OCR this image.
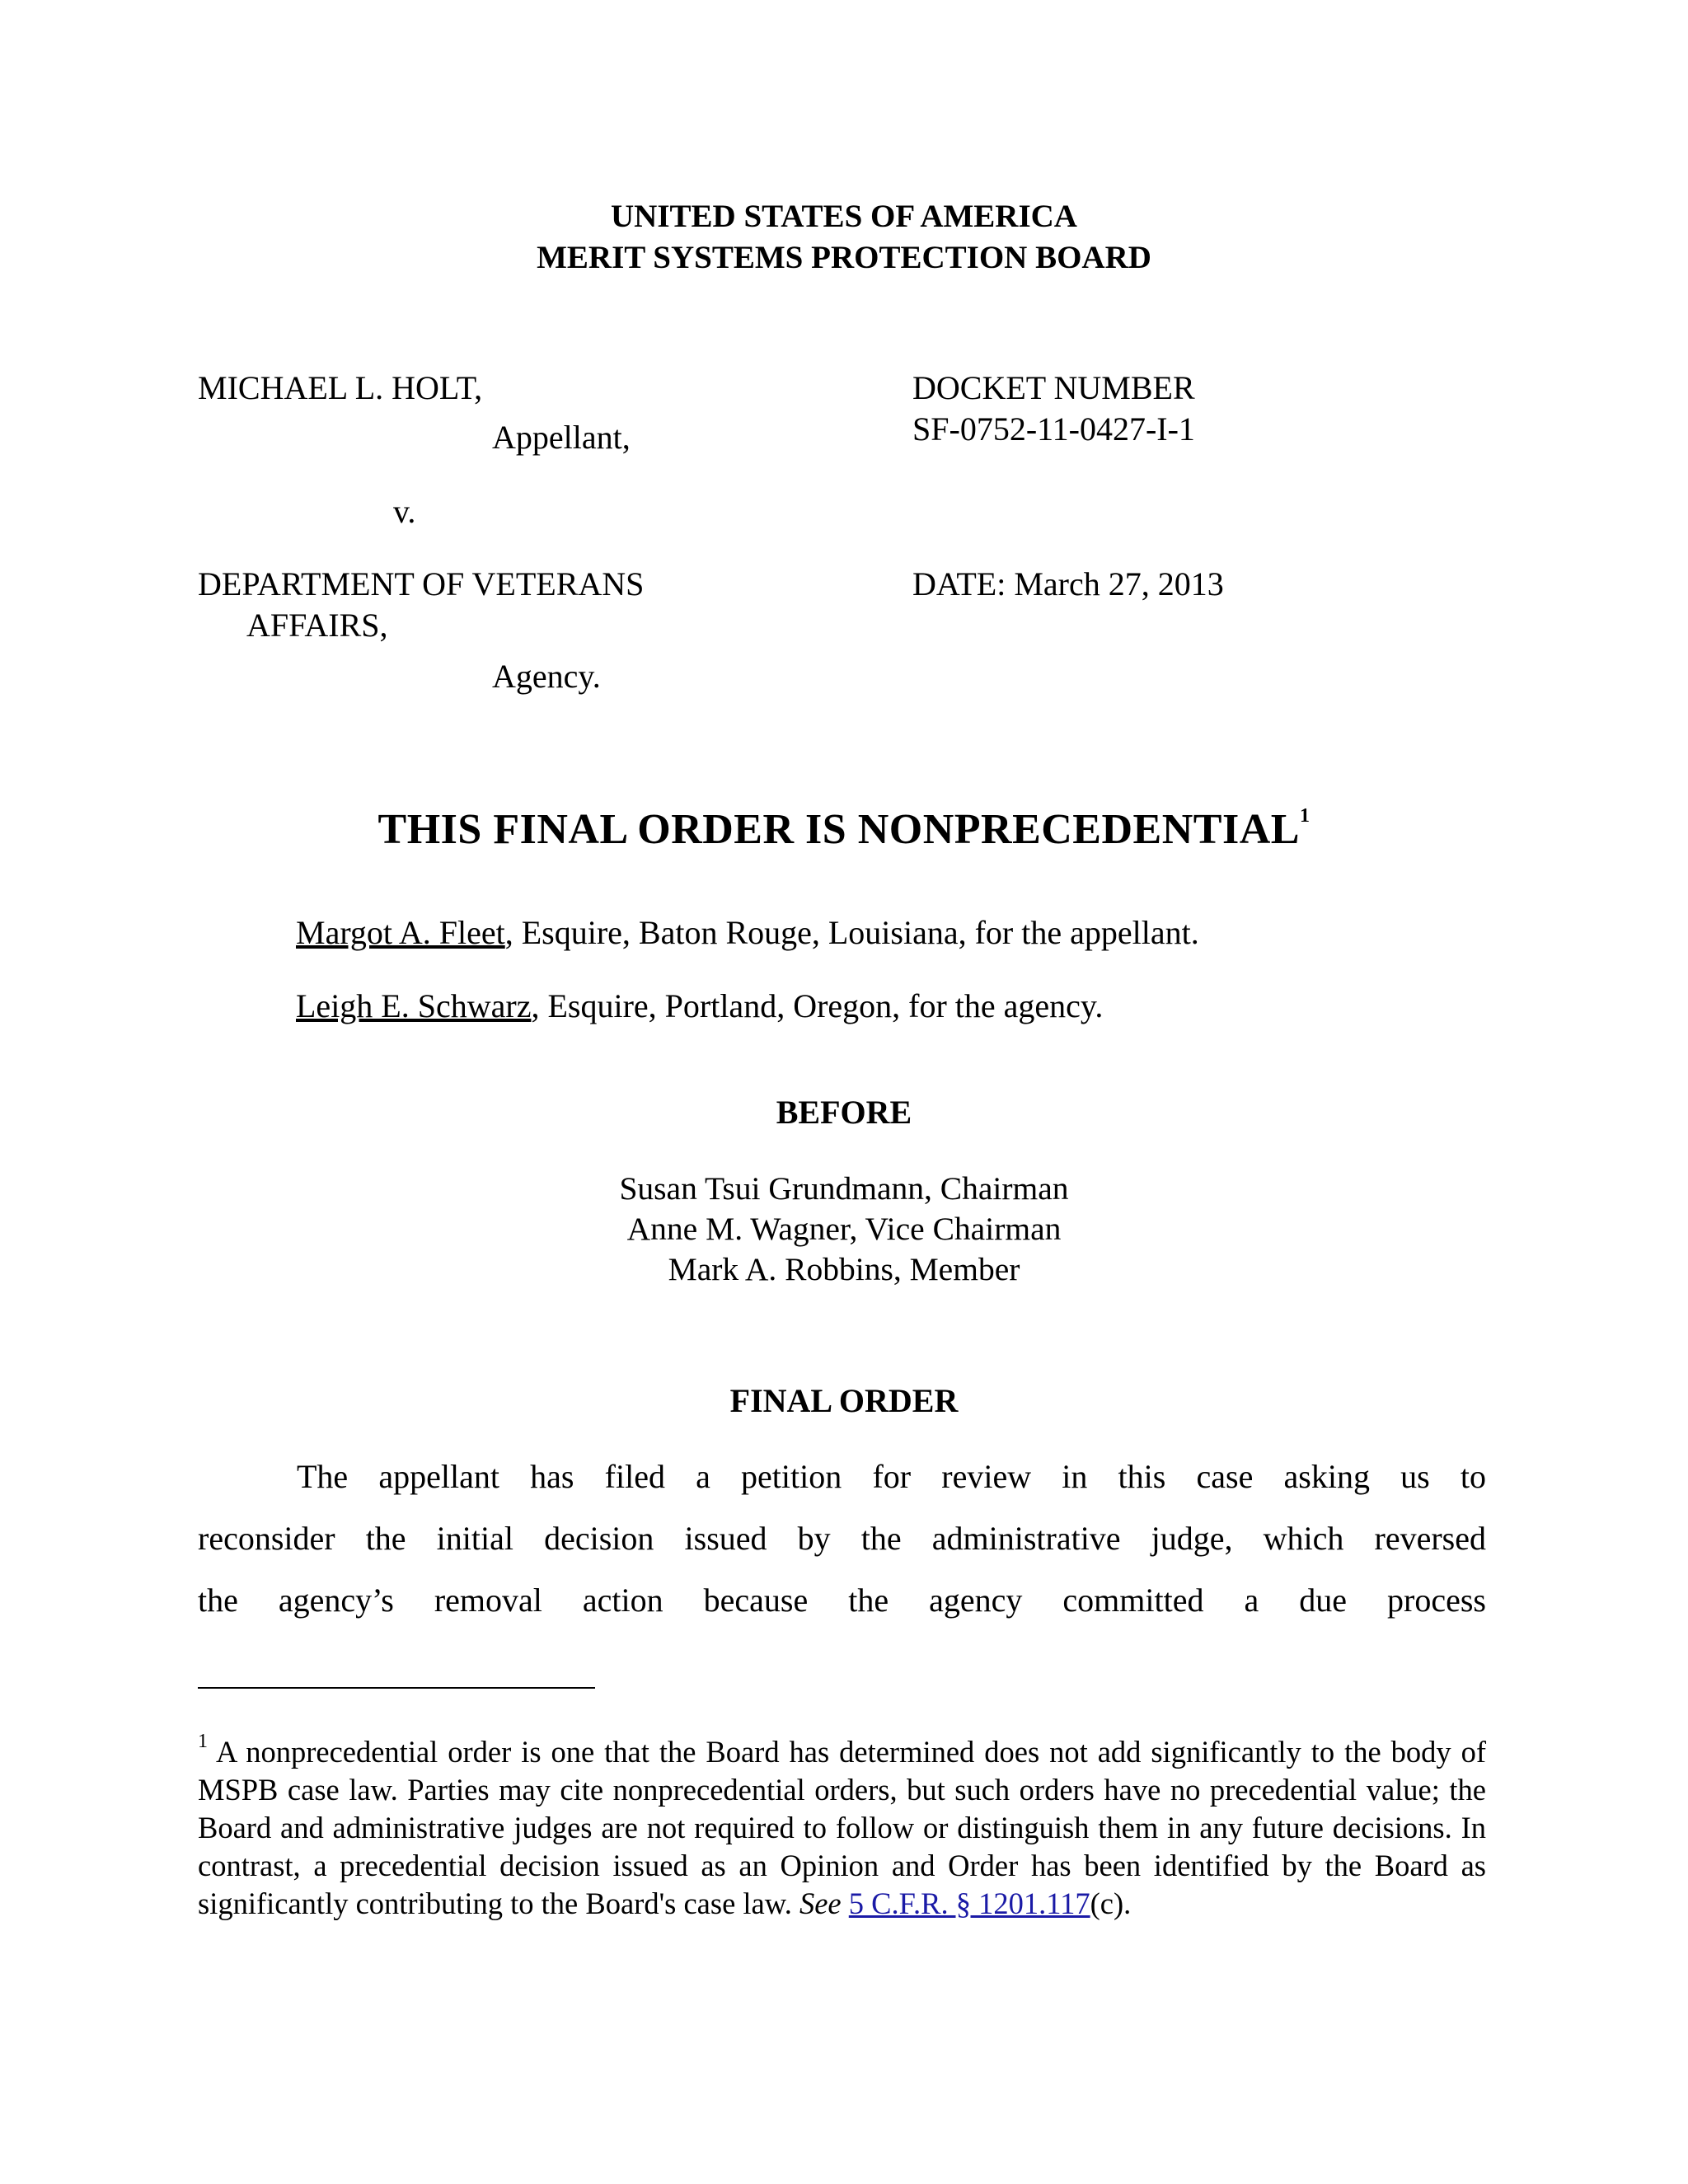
UNITED STATES OF AMERICA
MERIT SYSTEMS PROTECTION BOARD
MICHAEL L. HOLT,
Appellant,
v.
DEPARTMENT OF VETERANS
AFFAIRS,
Agency.
DOCKET NUMBER
SF-0752-11-0427-I-1
DATE: March 27, 2013
THIS FINAL ORDER IS NONPRECEDENTIAL$^1$
Margot A. Fleet, Esquire, Baton Rouge, Louisiana, for the appellant.
Leigh E. Schwarz, Esquire, Portland, Oregon, for the agency.
BEFORE
Susan Tsui Grundmann, Chairman
Anne M. Wagner, Vice Chairman
Mark A. Robbins, Member
FINAL ORDER
The appellant has filed a petition for review in this case asking us to
reconsider the initial decision issued by the administrative judge, which reversed
the agency’s removal action because the agency committed a due process
$^1$ A nonprecedential order is one that the Board has determined does not add significantly to the body of MSPB case law. Parties may cite nonprecedential orders, but such orders have no precedential value; the Board and administrative judges are not required to follow or distinguish them in any future decisions. In contrast, a precedential decision issued as an Opinion and Order has been identified by the Board as significantly contributing to the Board's case law. See 5 C.F.R. § 1201.117(c).
